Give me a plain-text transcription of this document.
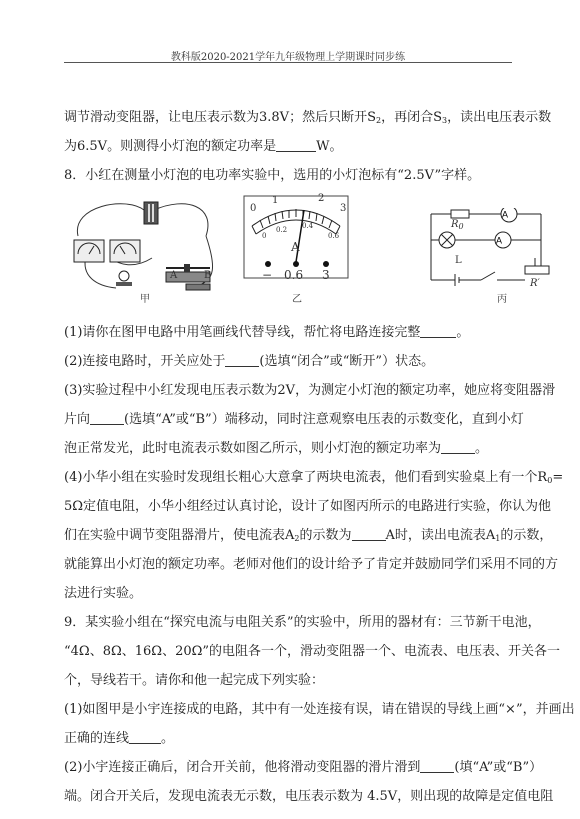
教科版2020-2021学年九年级物理上学期课时同步练
调节滑动变阻器，让电压表示数为3.8V；然后只断开$S_2$，再闭合$S_3$，读出电压表示数
为6.5V。则测得小灯泡的额定功率是	W。
8．小红在测量小灯泡的电功率实验中，选用的小灯泡标有“2.5V”字样。
A	B
甲
0
1	2
3
0
0.2 0.4
0.6
A
− 0.6 3
乙
A
A
$R_0$
L
R′
丙
(1)请你在图甲电路中用笔画线代替导线，帮忙将电路连接完整	。
(2)连接电路时，开关应处于	(选填“闭合”或“断开”）状态。
(3)实验过程中小红发现电压表示数为2V，为测定小灯泡的额定功率，她应将变阻器滑
片向	(选填“A”或“B”）端移动，同时注意观察电压表的示数变化，直到小灯
泡正常发光，此时电流表示数如图乙所示，则小灯泡的额定功率为	。
(4)小华小组在实验时发现组长粗心大意拿了两块电流表，他们看到实验桌上有一个$R_0=$
5Ω定值电阻，小华小组经过认真讨论，设计了如图丙所示的电路进行实验，你认为他
们在实验中调节变阻器滑片，使电流表$A_2$的示数为	A时，读出电流表$A_1$的示数，
就能算出小灯泡的额定功率。老师对他们的设计给予了肯定并鼓励同学们采用不同的方
法进行实验。
9．某实验小组在“探究电流与电阻关系”的实验中，所用的器材有：三节新干电池，
“4Ω、8Ω、16Ω、20Ω”的电阻各一个，滑动变阻器一个、电流表、电压表、开关各一
个，导线若干。请你和他一起完成下列实验：
(1)如图甲是小宇连接成的电路，其中有一处连接有误，请在错误的导线上画“×”，并画出
正确的连线 。
(2)小宇连接正确后，闭合开关前，他将滑动变阻器的滑片滑到	(填“A”或“B”）
端。闭合开关后，发现电流表无示数，电压表示数为 4.5V，则出现的故障是定值电阻
